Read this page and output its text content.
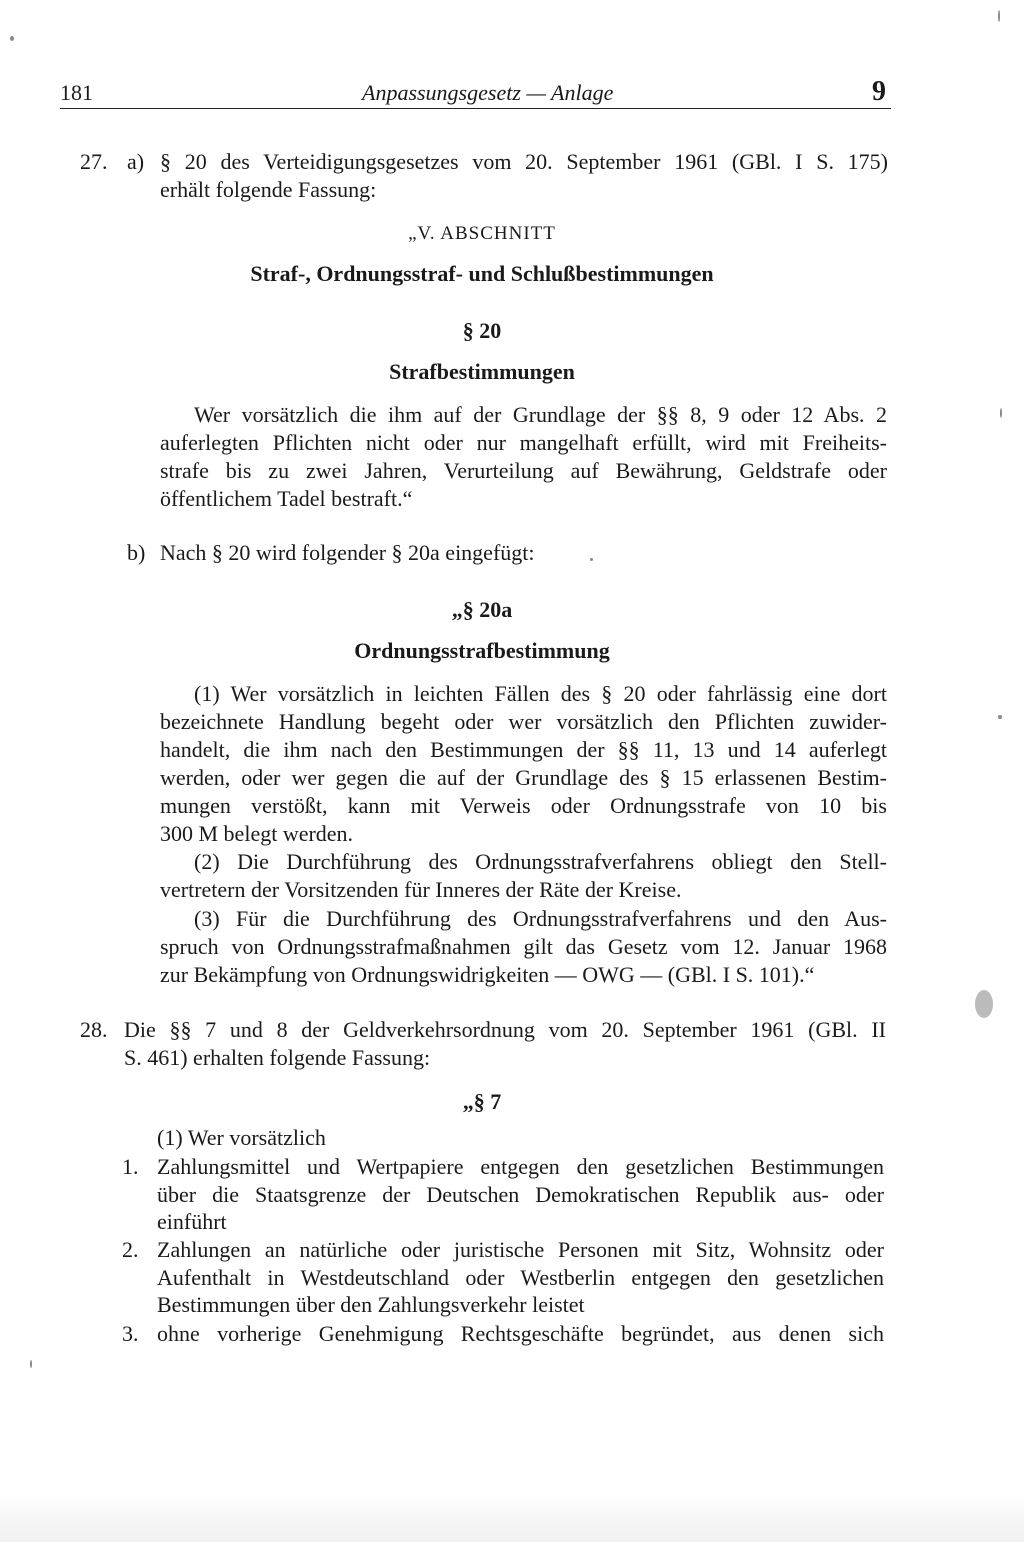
181	Anpassungsgesetz — Anlage	9
27. a) § 20 des Verteidigungsgesetzes vom 20. September 1961 (GBl. I S. 175)
erhält folgende Fassung:
„V. ABSCHNITT
Straf-, Ordnungsstraf- und Schlußbestimmungen
§ 20
Strafbestimmungen
Wer vorsätzlich die ihm auf der Grundlage der §§ 8, 9 oder 12 Abs. 2
auferlegten Pflichten nicht oder nur mangelhaft erfüllt, wird mit Freiheits-
strafe bis zu zwei Jahren, Verurteilung auf Bewährung, Geldstrafe oder
öffentlichem Tadel bestraft.“
b) Nach § 20 wird folgender § 20a eingefügt:
„§ 20a
Ordnungsstrafbestimmung
(1) Wer vorsätzlich in leichten Fällen des § 20 oder fahrlässig eine dort
bezeichnete Handlung begeht oder wer vorsätzlich den Pflichten zuwider-
handelt, die ihm nach den Bestimmungen der §§ 11, 13 und 14 auferlegt
werden, oder wer gegen die auf der Grundlage des § 15 erlassenen Bestim-
mungen verstößt, kann mit Verweis oder Ordnungsstrafe von 10 bis
300 M belegt werden.
(2) Die Durchführung des Ordnungsstrafverfahrens obliegt den Stell-
vertretern der Vorsitzenden für Inneres der Räte der Kreise.
(3) Für die Durchführung des Ordnungsstrafverfahrens und den Aus-
spruch von Ordnungsstrafmaßnahmen gilt das Gesetz vom 12. Januar 1968
zur Bekämpfung von Ordnungswidrigkeiten — OWG — (GBl. I S. 101).“
28. Die §§ 7 und 8 der Geldverkehrsordnung vom 20. September 1961 (GBl. II
S. 461) erhalten folgende Fassung:
„§ 7
(1) Wer vorsätzlich
1. Zahlungsmittel und Wertpapiere entgegen den gesetzlichen Bestimmungen
über die Staatsgrenze der Deutschen Demokratischen Republik aus- oder
einführt
2. Zahlungen an natürliche oder juristische Personen mit Sitz, Wohnsitz oder
Aufenthalt in Westdeutschland oder Westberlin entgegen den gesetzlichen
Bestimmungen über den Zahlungsverkehr leistet
3. ohne vorherige Genehmigung Rechtsgeschäfte begründet, aus denen sich
